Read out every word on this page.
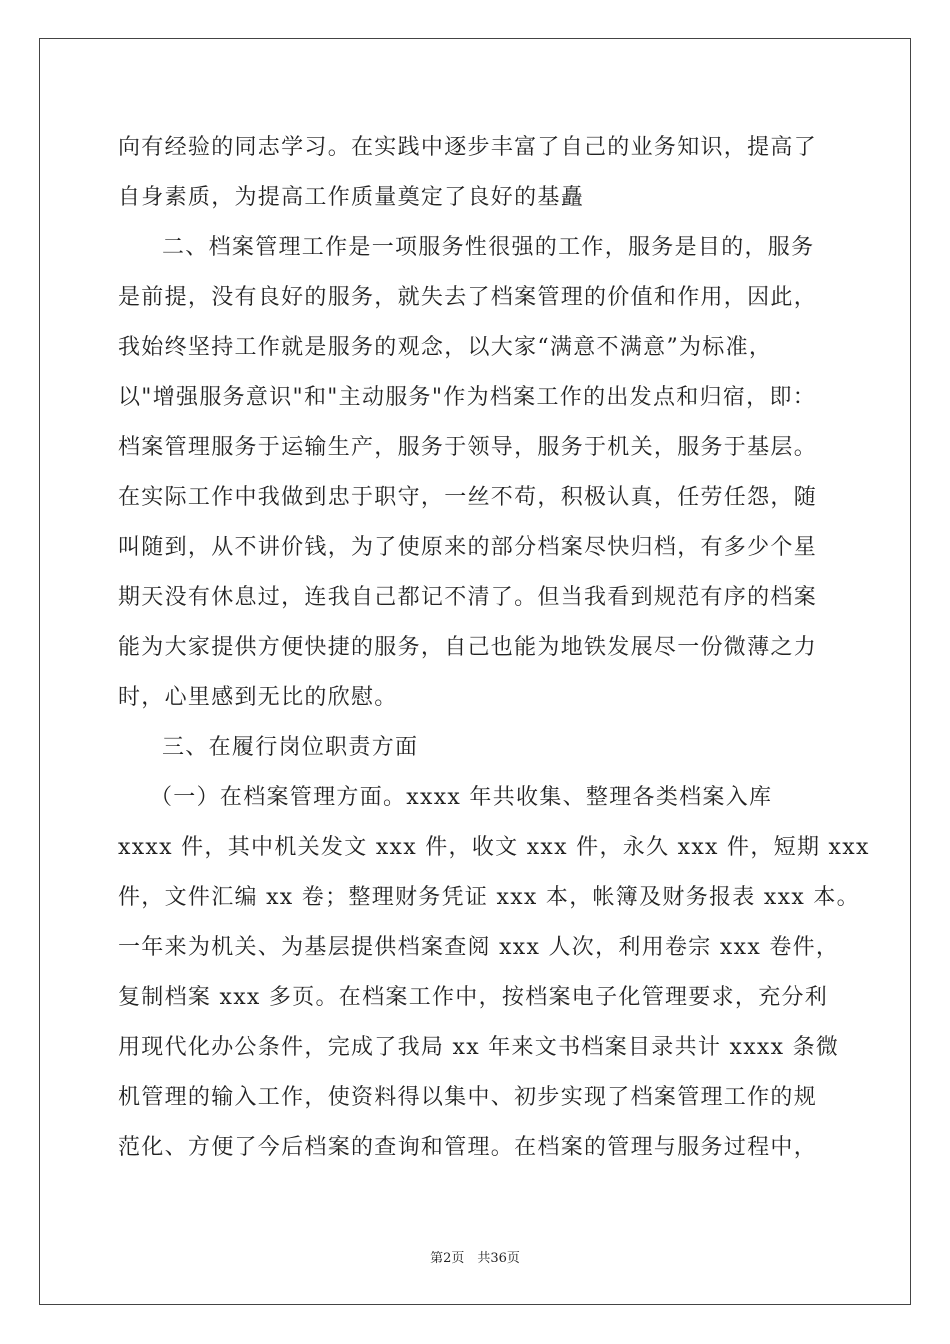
向有经验的同志学习。在实践中逐步丰富了自己的业务知识，提高了
自身素质，为提高工作质量奠定了良好的基矗
二、档案管理工作是一项服务性很强的工作，服务是目的，服务
是前提，没有良好的服务，就失去了档案管理的价值和作用，因此，
我始终坚持工作就是服务的观念，以大家“满意不满意”为标准，
以"增强服务意识"和"主动服务"作为档案工作的出发点和归宿，即：
档案管理服务于运输生产，服务于领导，服务于机关，服务于基层。
在实际工作中我做到忠于职守，一丝不苟，积极认真，任劳任怨，随
叫随到，从不讲价钱，为了使原来的部分档案尽快归档，有多少个星
期天没有休息过，连我自己都记不清了。但当我看到规范有序的档案
能为大家提供方便快捷的服务，自己也能为地铁发展尽一份微薄之力
时，心里感到无比的欣慰。
三、在履行岗位职责方面
（一）在档案管理方面。xxxx 年共收集、整理各类档案入库
xxxx 件，其中机关发文 xxx 件，收文 xxx 件，永久 xxx 件，短期 xxx
件，文件汇编 xx 卷；整理财务凭证 xxx 本，帐簿及财务报表 xxx 本。
一年来为机关、为基层提供档案查阅 xxx 人次，利用卷宗 xxx 卷件，
复制档案 xxx 多页。在档案工作中，按档案电子化管理要求，充分利
用现代化办公条件，完成了我局 xx 年来文书档案目录共计 xxxx 条微
机管理的输入工作，使资料得以集中、初步实现了档案管理工作的规
范化、方便了今后档案的查询和管理。在档案的管理与服务过程中，
第2页　共36页
